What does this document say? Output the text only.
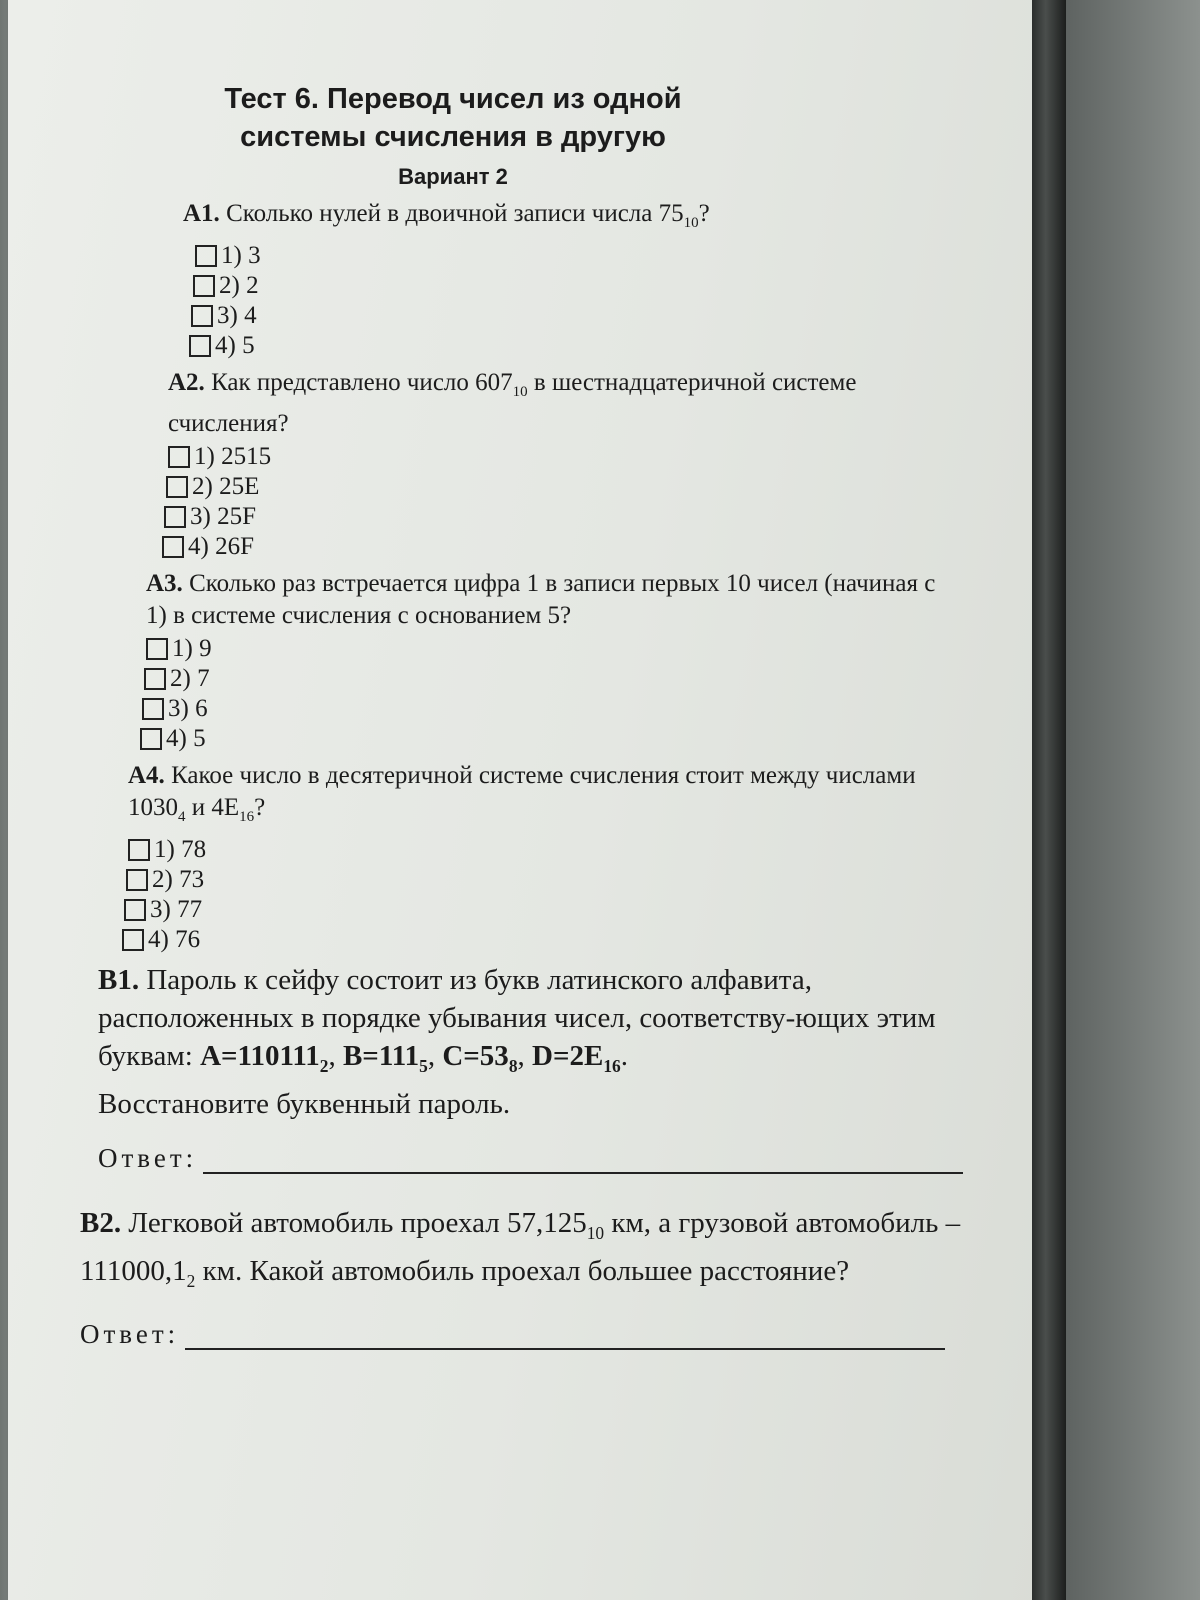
Тест 6. Перевод чисел из одной
системы счисления в другую
Вариант 2

А1. Сколько нулей в двоичной записи числа $75_{10}$?

1) 3
2) 2
3) 4
4) 5

А2. Как представлено число $607_{10}$ в шестнадцатеричной системе счисления?

1) 2515
2) 25E
3) 25F
4) 26F

А3. Сколько раз встречается цифра 1 в записи первых 10 чисел (начиная с 1) в системе счисления с основанием 5?

1) 9
2) 7
3) 6
4) 5

А4. Какое число в десятеричной системе счисления стоит между числами $1030_4$ и $4E_{16}$?

1) 78
2) 73
3) 77
4) 76

В1. Пароль к сейфу состоит из букв латинского алфавита, расположенных в порядке убывания чисел, соответству-ющих этим буквам: $A=110111_2$, $B=111_5$, $C=53_8$, $D=2E_{16}$.
Восстановите буквенный пароль.

Ответ:

В2. Легковой автомобиль проехал $57,125_{10}$ км, а грузовой автомобиль – $111000,1_2$ км. Какой автомобиль проехал большее расстояние?

Ответ:
